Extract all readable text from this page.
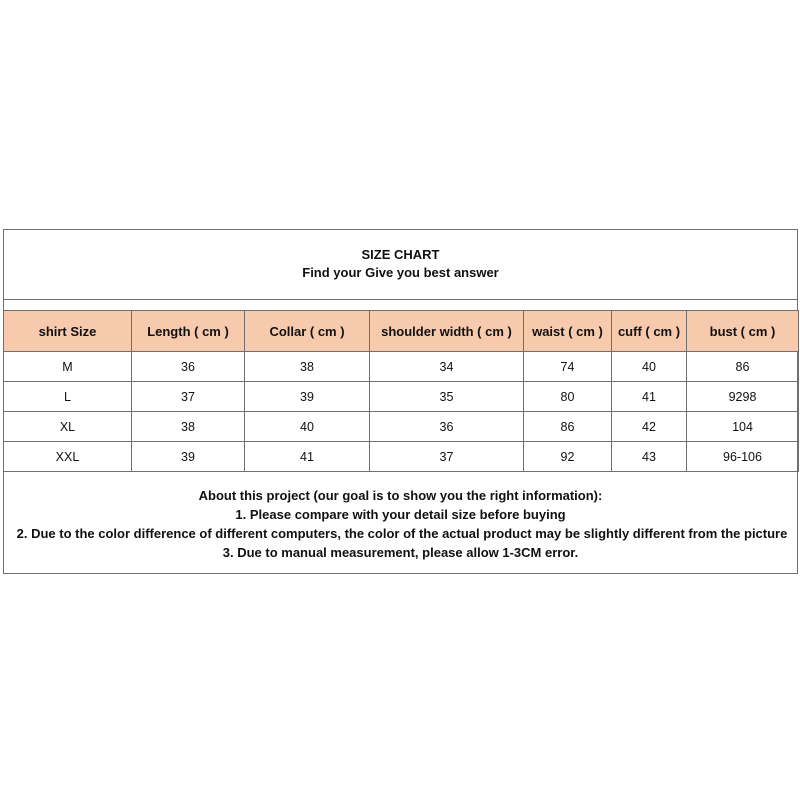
SIZE CHART
Find your Give you best answer
shirt Size	Length ( cm )	Collar ( cm )	shoulder width ( cm )	waist ( cm )	cuff ( cm )	bust ( cm )
M	36	38	34	74	40	86
L	37	39	35	80	41	9298
XL	38	40	36	86	42	104
XXL	39	41	37	92	43	96-106
About this project (our goal is to show you the right information):
1. Please compare with your detail size before buying
2. Due to the color difference of different computers, the color of the actual product may be slightly different from the picture
3. Due to manual measurement, please allow 1-3CM error.
